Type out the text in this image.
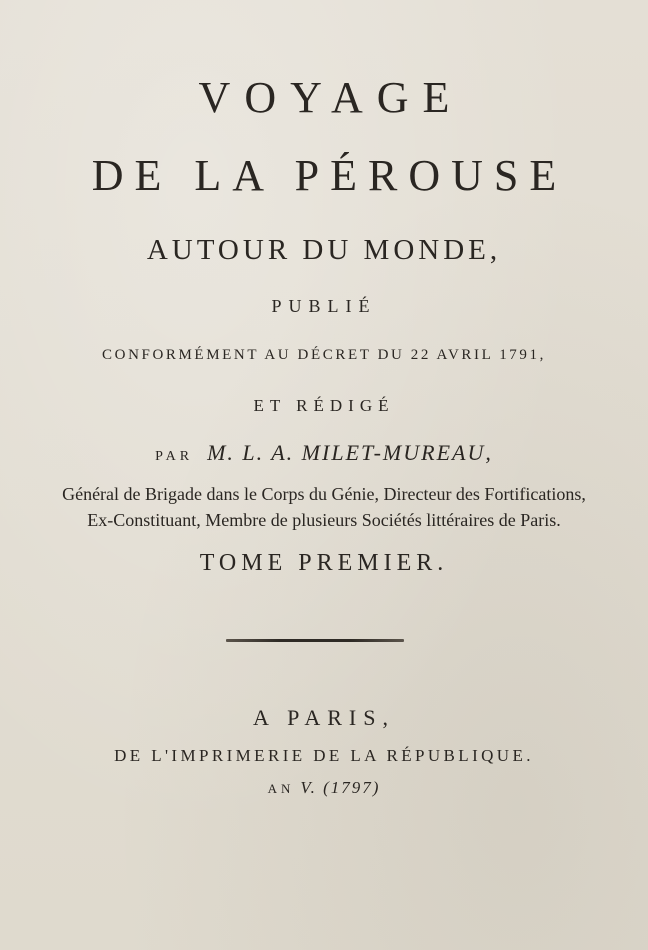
VOYAGE
DE LA PÉROUSE
AUTOUR DU MONDE,
PUBLIÉ
CONFORMÉMENT AU DÉCRET DU 22 AVRIL 1791,
ET RÉDIGÉ
PAR M. L. A. MILET-MUREAU,
Général de Brigade dans le Corps du Génie, Directeur des Fortifications,
Ex-Constituant, Membre de plusieurs Sociétés littéraires de Paris.
TOME PREMIER.
A PARIS,
DE L'IMPRIMERIE DE LA RÉPUBLIQUE.
AN V. (1797)
